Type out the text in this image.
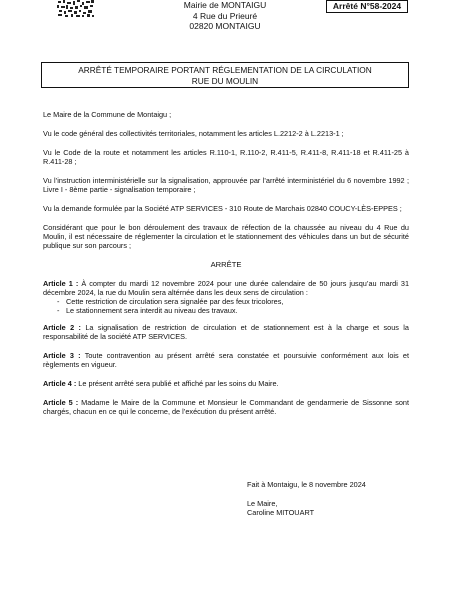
Mairie de MONTAIGU
4 Rue du Prieuré
02820 MONTAIGU
Arrêté N°58-2024
ARRÊTÉ TEMPORAIRE PORTANT RÉGLEMENTATION DE LA CIRCULATION
RUE DU MOULIN

Le Maire de la Commune de Montaigu ;

Vu le code général des collectivités territoriales, notamment les articles L.2212-2 à L.2213-1 ;

Vu le Code de la route et notamment les articles R.110-1, R.110-2, R.411-5, R.411-8, R.411-18 et R.411-25 à R.411-28 ;

Vu l’instruction interministérielle sur la signalisation, approuvée par l’arrêté interministériel du 6 novembre 1992 ; Livre I - 8ème partie - signalisation temporaire ;

Vu la demande formulée par la Société ATP SERVICES - 310 Route de Marchais 02840 COUCY-LÈS-EPPES ;

Considérant que pour le bon déroulement des travaux de réfection de la chaussée au niveau du 4 Rue du Moulin, il est nécessaire de réglementer la circulation et le stationnement des véhicules dans un but de sécurité publique sur son parcours ;

ARRÊTE

Article 1 : À compter du mardi 12 novembre 2024 pour une durée calendaire de 50 jours jusqu’au mardi 31 décembre 2024, la rue du Moulin sera altérnée dans les deux sens de circulation :

- Cette restriction de circulation sera signalée par des feux tricolores,
- Le stationnement sera interdit au niveau des travaux.

Article 2 : La signalisation de restriction de circulation et de stationnement est à la charge et sous la responsabilité de la société ATP SERVICES.

Article 3 : Toute contravention au présent arrêté sera constatée et poursuivie conformément aux lois et règlements en vigueur.

Article 4 : Le présent arrêté sera publié et affiché par les soins du Maire.

Article 5 : Madame le Maire de la Commune et Monsieur le Commandant de gendarmerie de Sissonne sont chargés, chacun en ce qui le concerne, de l’exécution du présent arrêté.

Fait à Montaigu, le 8 novembre 2024
Le Maire,
Caroline MITOUART
